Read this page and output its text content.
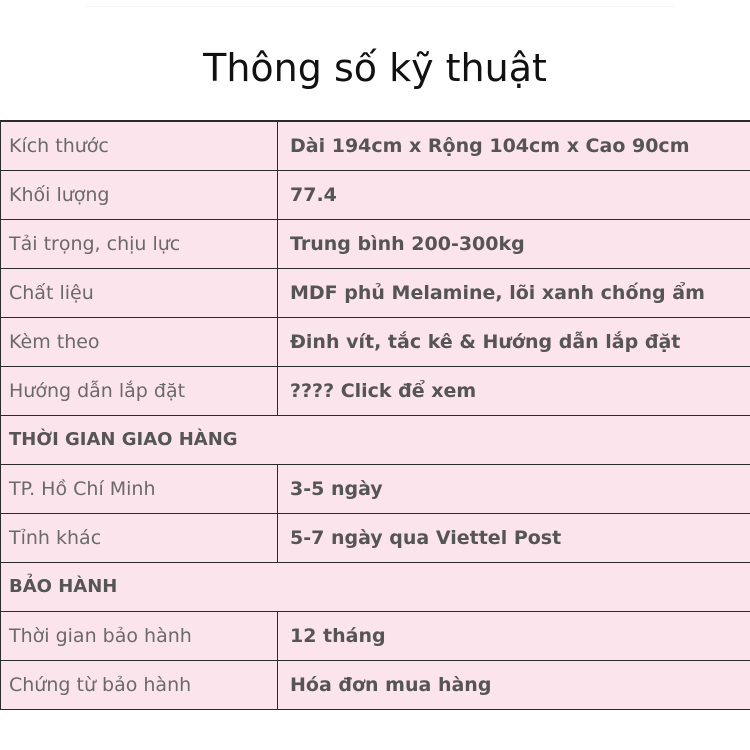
Thông số kỹ thuật
Kích thước	Dài 194cm x Rộng 104cm x Cao 90cm
Khối lượng	77.4
Tải trọng, chịu lực	Trung bình 200-300kg
Chất liệu	MDF phủ Melamine, lõi xanh chống ẩm
Kèm theo	Đinh vít, tắc kê & Hướng dẫn lắp đặt
Hướng dẫn lắp đặt	???? Click để xem
THỜI GIAN GIAO HÀNG	
TP. Hồ Chí Minh	3-5 ngày
Tỉnh khác	5-7 ngày qua Viettel Post
BẢO HÀNH	
Thời gian bảo hành	12 tháng
Chứng từ bảo hành	Hóa đơn mua hàng
